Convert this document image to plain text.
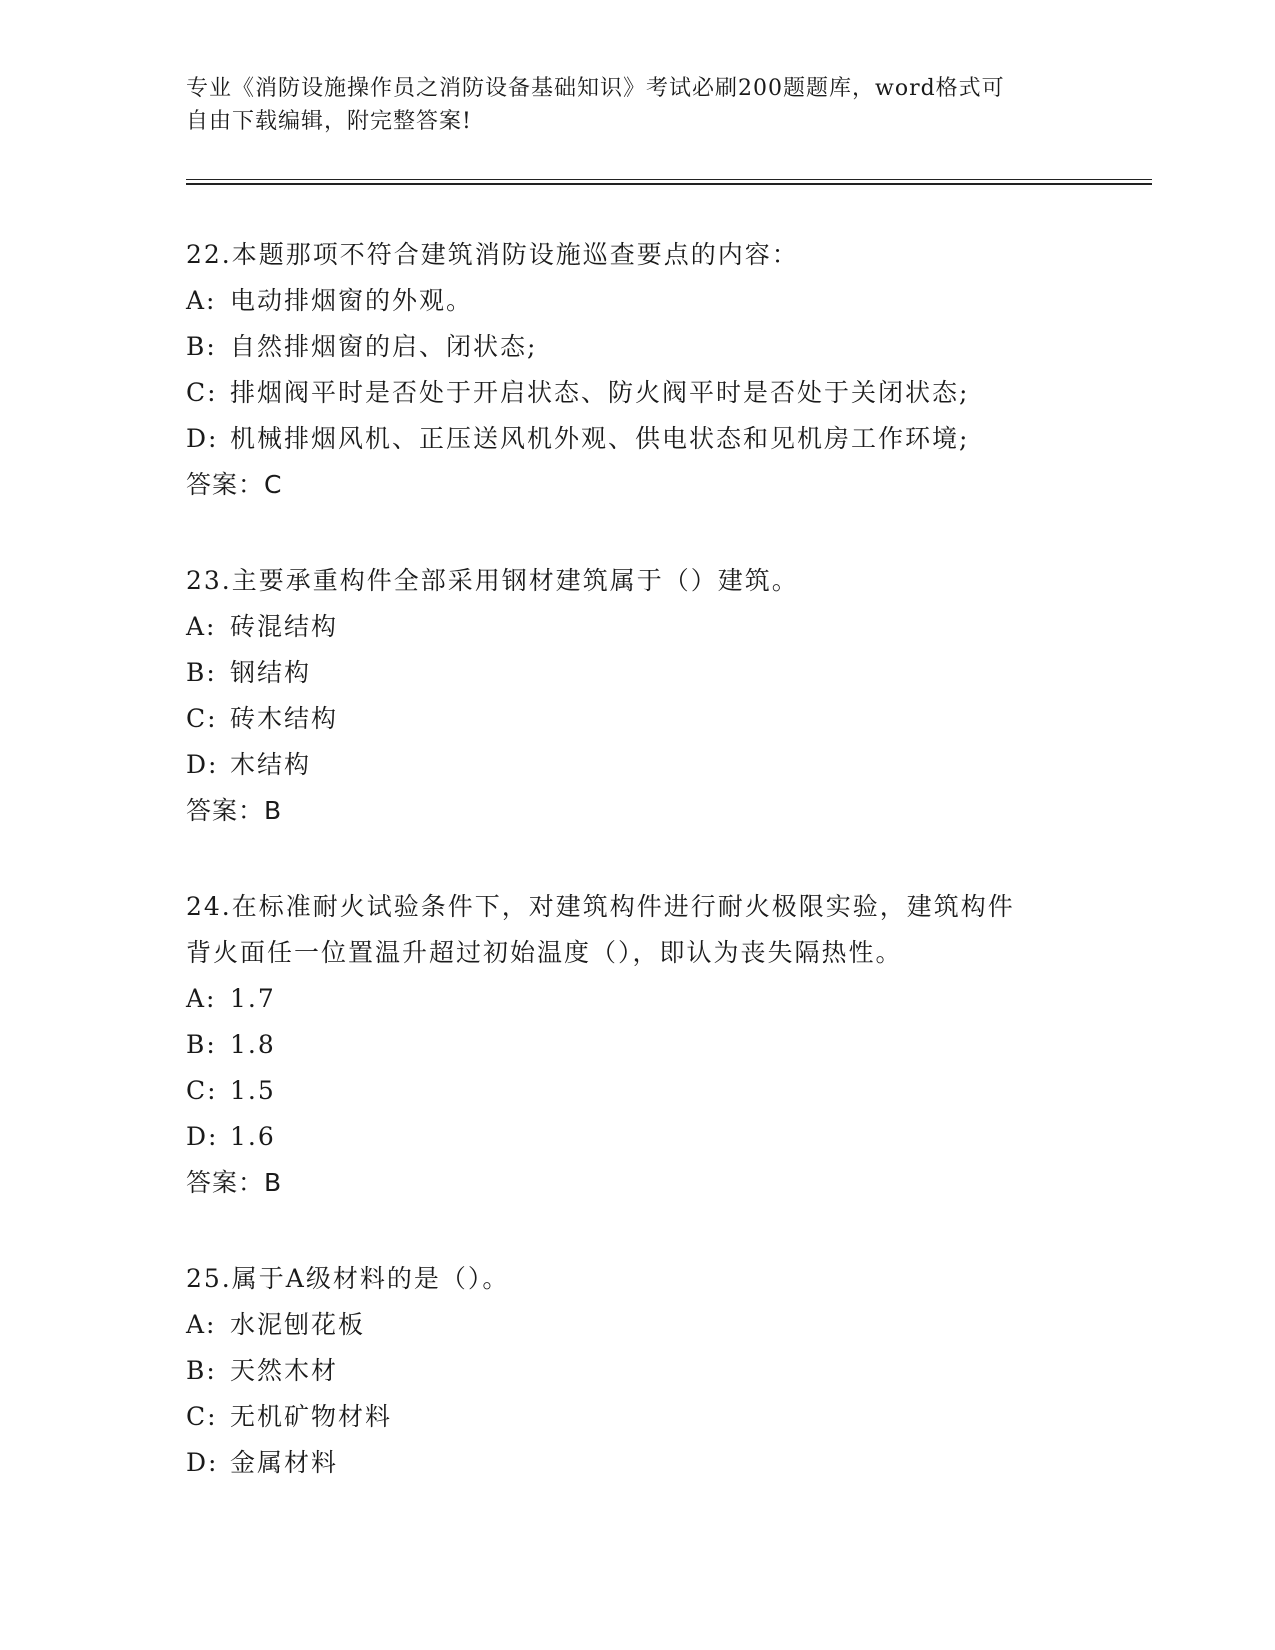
专业《消防设施操作员之消防设备基础知识》考试必刷200题题库，word格式可
自由下载编辑，附完整答案!
22.本题那项不符合建筑消防设施巡查要点的内容：
A: 电动排烟窗的外观。
B: 自然排烟窗的启、闭状态;
C: 排烟阀平时是否处于开启状态、防火阀平时是否处于关闭状态;
D: 机械排烟风机、正压送风机外观、供电状态和见机房工作环境;
答案：C
23.主要承重构件全部采用钢材建筑属于（）建筑。
A: 砖混结构
B: 钢结构
C: 砖木结构
D: 木结构
答案：B
24.在标准耐火试验条件下，对建筑构件进行耐火极限实验，建筑构件
背火面任一位置温升超过初始温度（），即认为丧失隔热性。
A: 1.7
B: 1.8
C: 1.5
D: 1.6
答案：B
25.属于A级材料的是（）。
A: 水泥刨花板
B: 天然木材
C: 无机矿物材料
D: 金属材料
